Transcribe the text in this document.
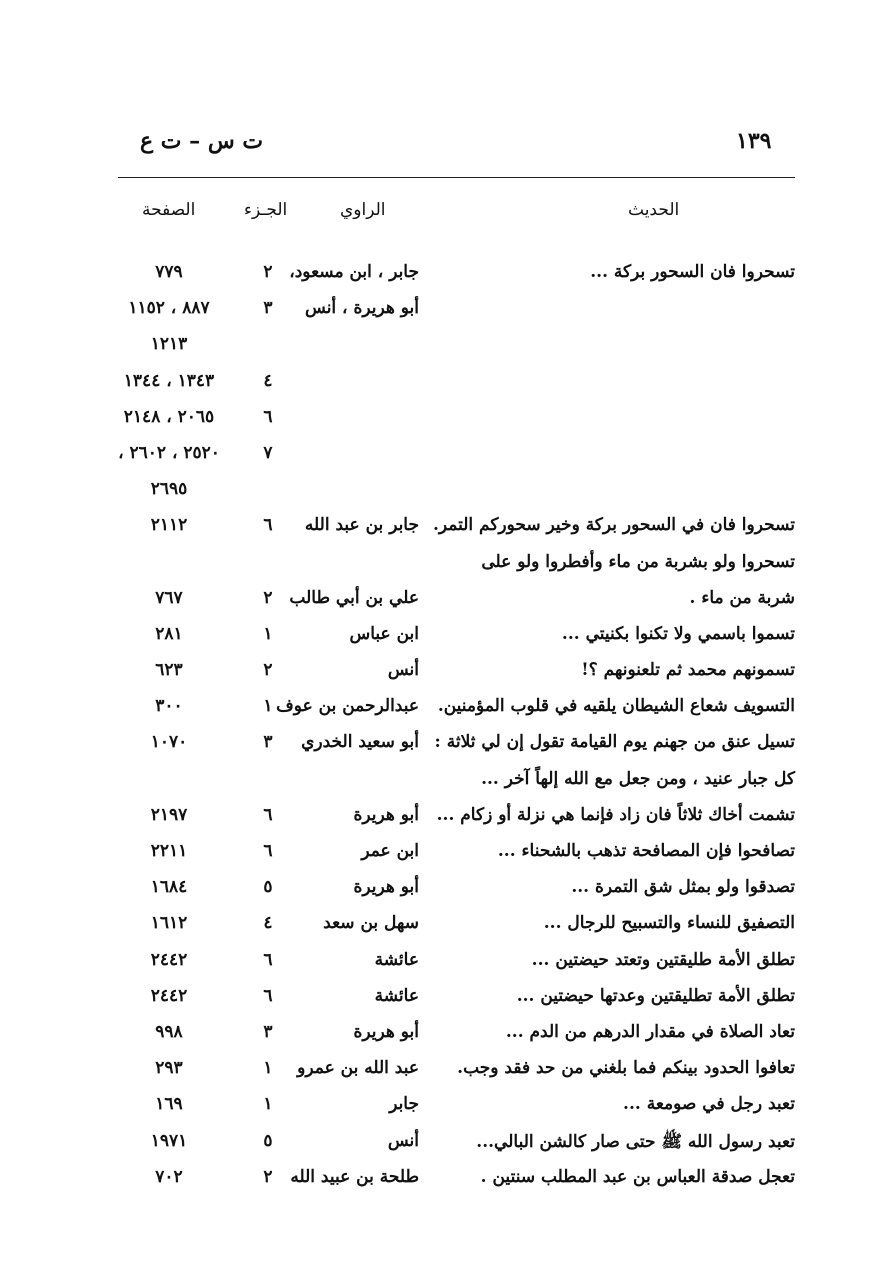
١٣٩
ت س – ت ع
الحديث
الراوي
الجـزء
الصفحة
تسحروا فان السحور بركة ...
جابر ، ابن مسعود،
٢
٧٧٩
أبو هريرة ، أنس
٣
٨٨٧ ، ١١٥٢
١٢١٣
٤
١٣٤٣ ، ١٣٤٤
٦
٢٠٦٥ ، ٢١٤٨
٧
٢٥٢٠ ، ٢٦٠٢ ،
٢٦٩٥
تسحروا فان في السحور بركة وخير سحوركم التمر.
جابر بن عبد الله
٦
٢١١٢
تسحروا ولو بشربة من ماء وأفطروا ولو على
شربة من ماء .
علي بن أبي طالب
٢
٧٦٧
تسموا باسمي ولا تكنوا بكنيتي ...
ابن عباس
١
٢٨١
تسمونهم محمد ثم تلعنونهم ؟!
أنس
٢
٦٢٣
التسويف شعاع الشيطان يلقيه في قلوب المؤمنين.
عبدالرحمن بن عوف
١
٣٠٠
تسيل عنق من جهنم يوم القيامة تقول إن لي ثلاثة :
أبو سعيد الخدري
٣
١٠٧٠
كل جبار عنيد ، ومن جعل مع الله إلهاً آخر ...
تشمت أخاك ثلاثاً فان زاد فإنما هي نزلة أو زكام ...
أبو هريرة
٦
٢١٩٧
تصافحوا فإن المصافحة تذهب بالشحناء ...
ابن عمر
٦
٢٢١١
تصدقوا ولو بمثل شق التمرة ...
أبو هريرة
٥
١٦٨٤
التصفيق للنساء والتسبيح للرجال ...
سهل بن سعد
٤
١٦١٢
تطلق الأمة طليقتين وتعتد حيضتين ...
عائشة
٦
٢٤٤٢
تطلق الأمة تطليقتين وعدتها حيضتين ...
عائشة
٦
٢٤٤٢
تعاد الصلاة في مقدار الدرهم من الدم ...
أبو هريرة
٣
٩٩٨
تعافوا الحدود بينكم فما بلغني من حد فقد وجب.
عبد الله بن عمرو
١
٢٩٣
تعبد رجل في صومعة ...
جابر
١
١٦٩
تعبد رسول الله ﷺ حتى صار كالشن البالي...
أنس
٥
١٩٧١
تعجل صدقة العباس بن عبد المطلب سنتين .
طلحة بن عبيد الله
٢
٧٠٢
